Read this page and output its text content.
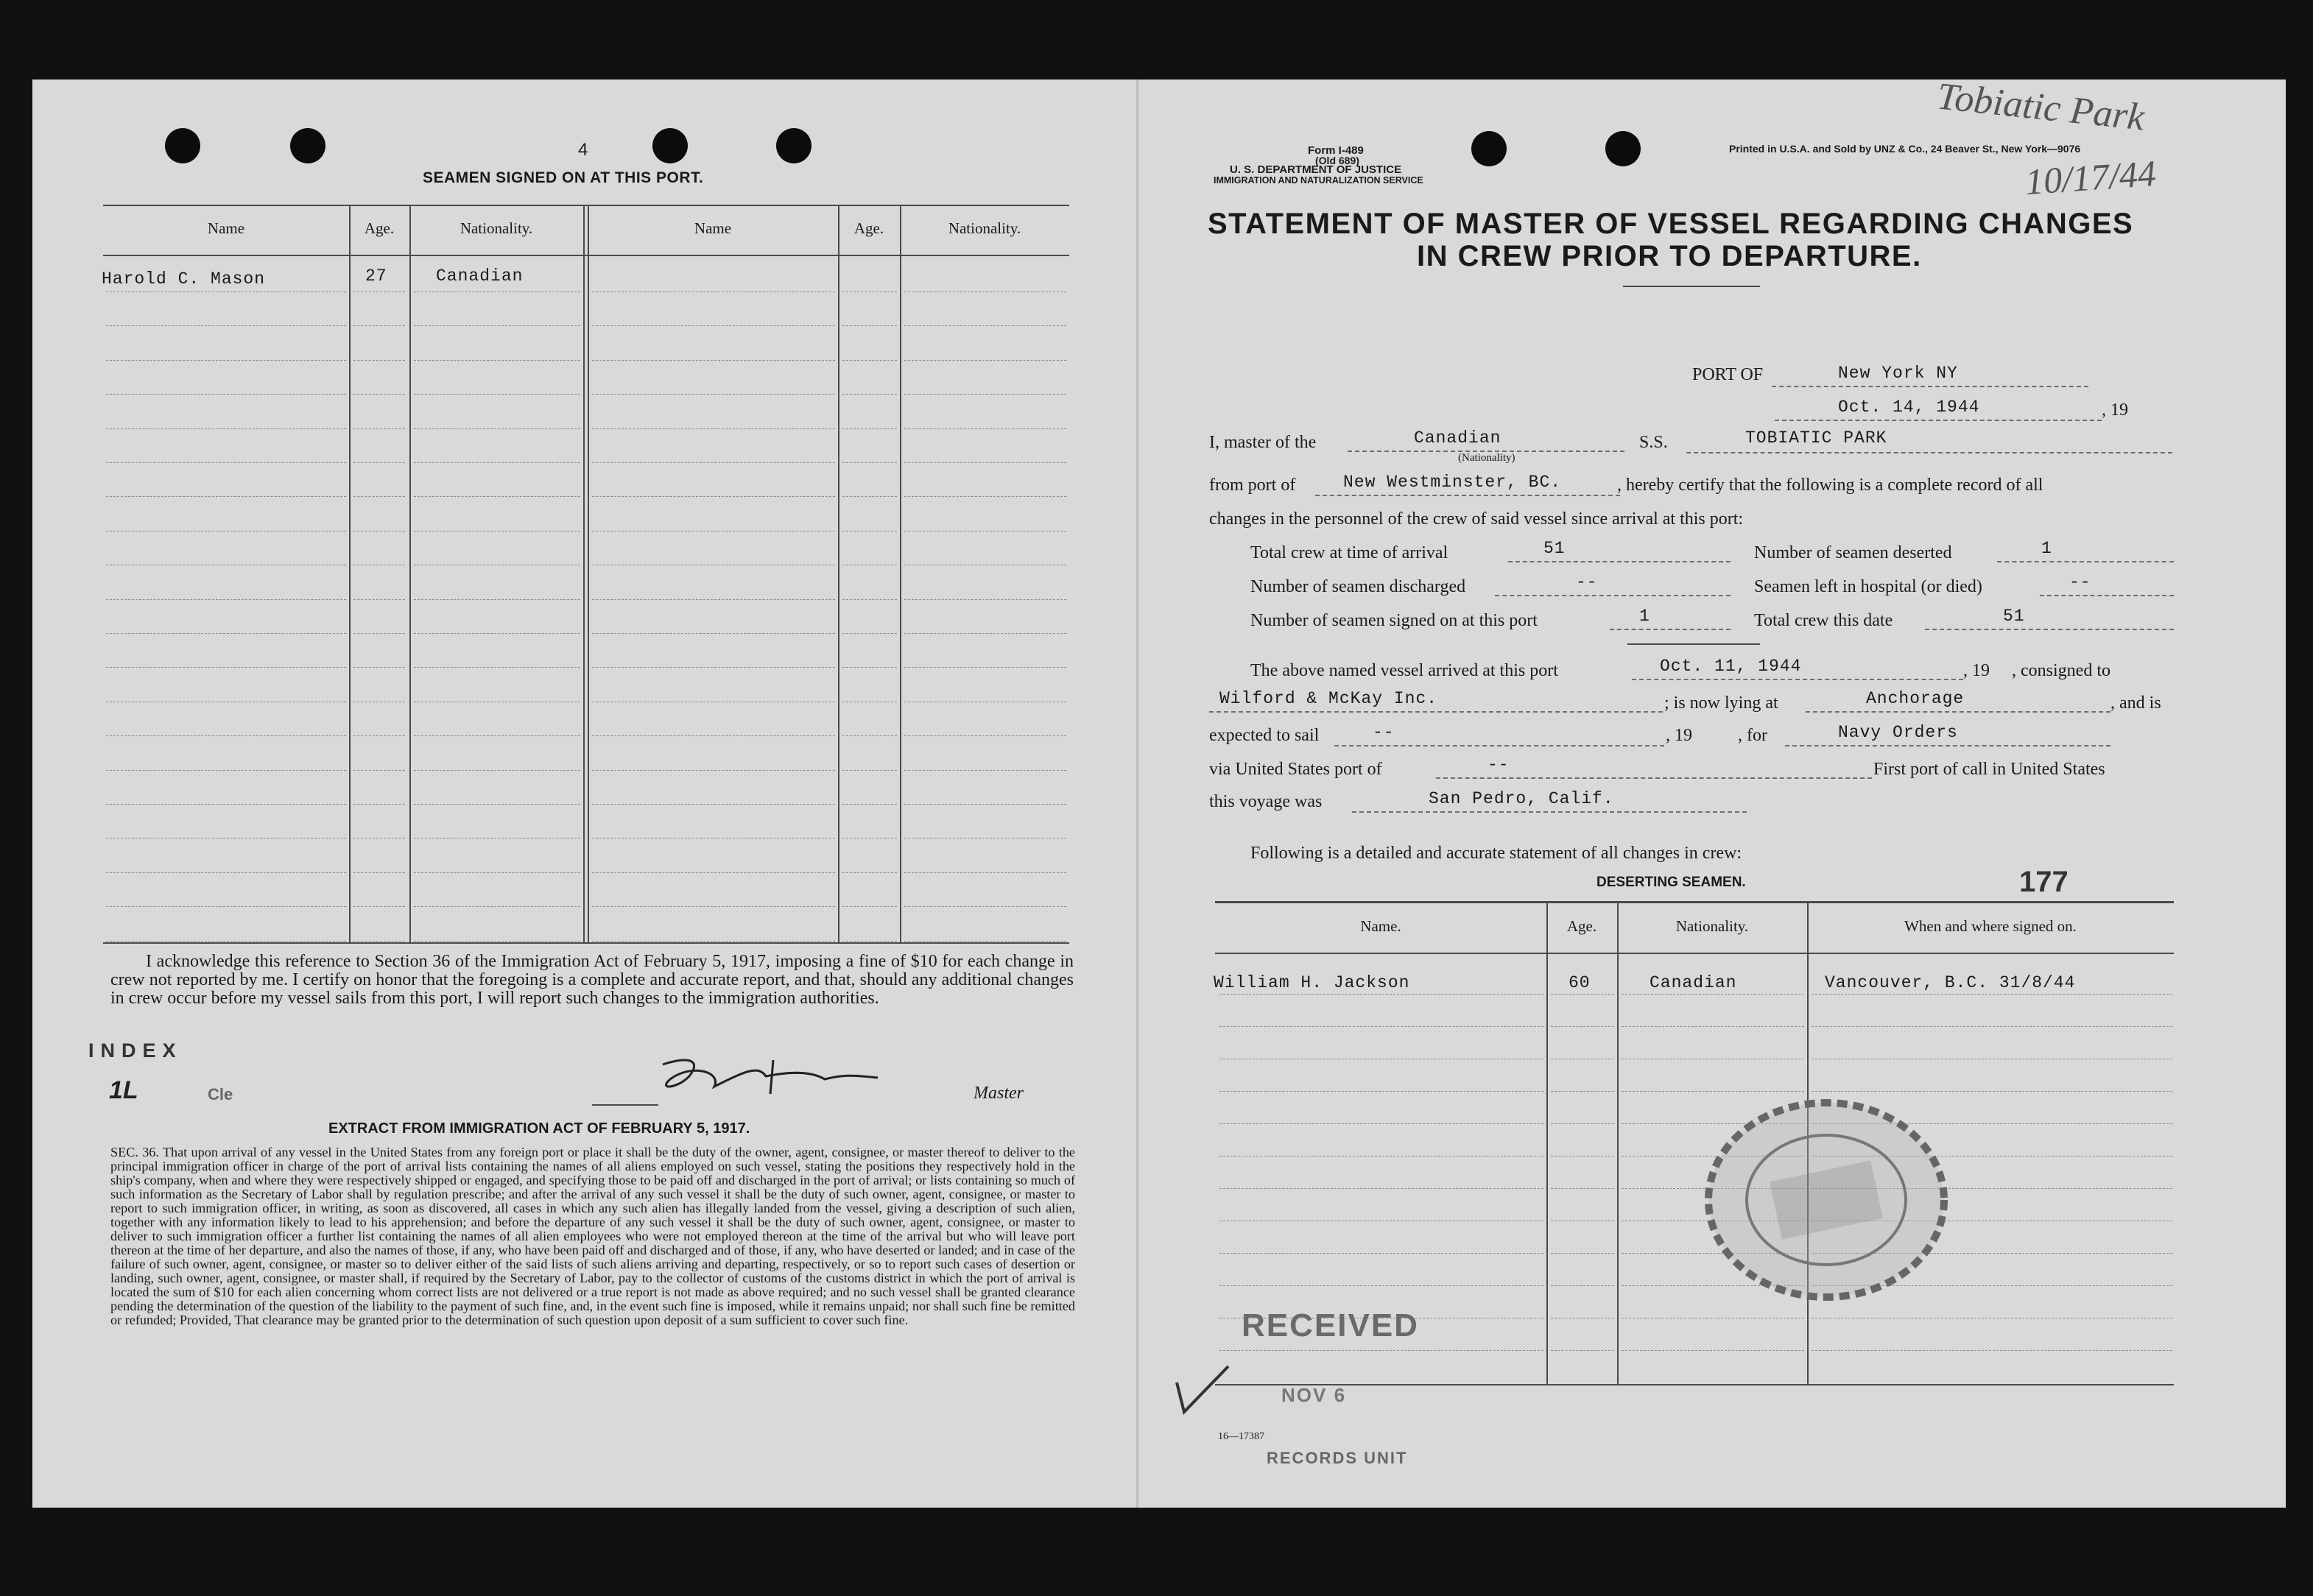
4
SEAMEN SIGNED ON AT THIS PORT.
Name	Age.	Nationality.	Name	Age.	Nationality.
Harold C. Mason	27	Canadian
I acknowledge this reference to Section 36 of the Immigration Act of February 5, 1917, imposing a fine of $10 for each change in crew not reported by me. I certify on honor that the foregoing is a complete and accurate report, and that, should any additional changes in crew occur before my vessel sails from this port, I will report such changes to the immigration authorities.
INDEX
1L	Cle	Master
EXTRACT FROM IMMIGRATION ACT OF FEBRUARY 5, 1917.
SEC. 36. That upon arrival of any vessel in the United States from any foreign port or place it shall be the duty of the owner, agent, consignee, or master thereof to deliver to the principal immigration officer in charge of the port of arrival lists containing the names of all aliens employed on such vessel, stating the positions they respectively hold in the ship's company, when and where they were respectively shipped or engaged, and specifying those to be paid off and discharged in the port of arrival; or lists containing so much of such information as the Secretary of Labor shall by regulation prescribe; and after the arrival of any such vessel it shall be the duty of such owner, agent, consignee, or master to report to such immigration officer, in writing, as soon as discovered, all cases in which any such alien has illegally landed from the vessel, giving a description of such alien, together with any information likely to lead to his apprehension; and before the departure of any such vessel it shall be the duty of such owner, agent, consignee, or master to deliver to such immigration officer a further list containing the names of all alien employees who were not employed thereon at the time of the arrival but who will leave port thereon at the time of her departure, and also the names of those, if any, who have been paid off and discharged and of those, if any, who have deserted or landed; and in case of the failure of such owner, agent, consignee, or master so to deliver either of the said lists of such aliens arriving and departing, respectively, or so to report such cases of desertion or landing, such owner, agent, consignee, or master shall, if required by the Secretary of Labor, pay to the collector of customs of the customs district in which the port of arrival is located the sum of $10 for each alien concerning whom correct lists are not delivered or a true report is not made as above required; and no such vessel shall be granted clearance pending the determination of the question of the liability to the payment of such fine, and, in the event such fine is imposed, while it remains unpaid; nor shall such fine be remitted or refunded; Provided, That clearance may be granted prior to the determination of such question upon deposit of a sum sufficient to cover such fine.
Form I-489
(Old 689)
U. S. DEPARTMENT OF JUSTICE
IMMIGRATION AND NATURALIZATION SERVICE
Printed in U.S.A. and Sold by UNZ & Co., 24 Beaver St., New York—9076
Tobiatic Park
10/17/44
STATEMENT OF MASTER OF VESSEL REGARDING CHANGES
IN CREW PRIOR TO DEPARTURE.
PORT OF	New York NY
Oct. 14, 1944	, 19
I, master of the	Canadian
(Nationality)
S.S.	TOBIATIC PARK
from port of	New Westminster, BC.	, hereby certify that the following is a complete record of all
changes in the personnel of the crew of said vessel since arrival at this port:
Total crew at time of arrival	51
Number of seamen discharged	--
Number of seamen signed on at this port	1
Number of seamen deserted	1
Seamen left in hospital (or died)	--
Total crew this date	51
The above named vessel arrived at this port	Oct. 11, 1944	, 19     , consigned to
Wilford & McKay Inc.	; is now lying at	Anchorage	, and is
expected to sail	--	, 19	, for	Navy Orders
via United States port of	--	First port of call in United States
this voyage was	San Pedro, Calif.
Following is a detailed and accurate statement of all changes in crew:
DESERTING SEAMEN.	177
Name.	Age.	Nationality.	When and where signed on.
William H. Jackson	60	Canadian	Vancouver, B.C. 31/8/44
RECEIVED
NOV 6
16—17387
RECORDS UNIT
